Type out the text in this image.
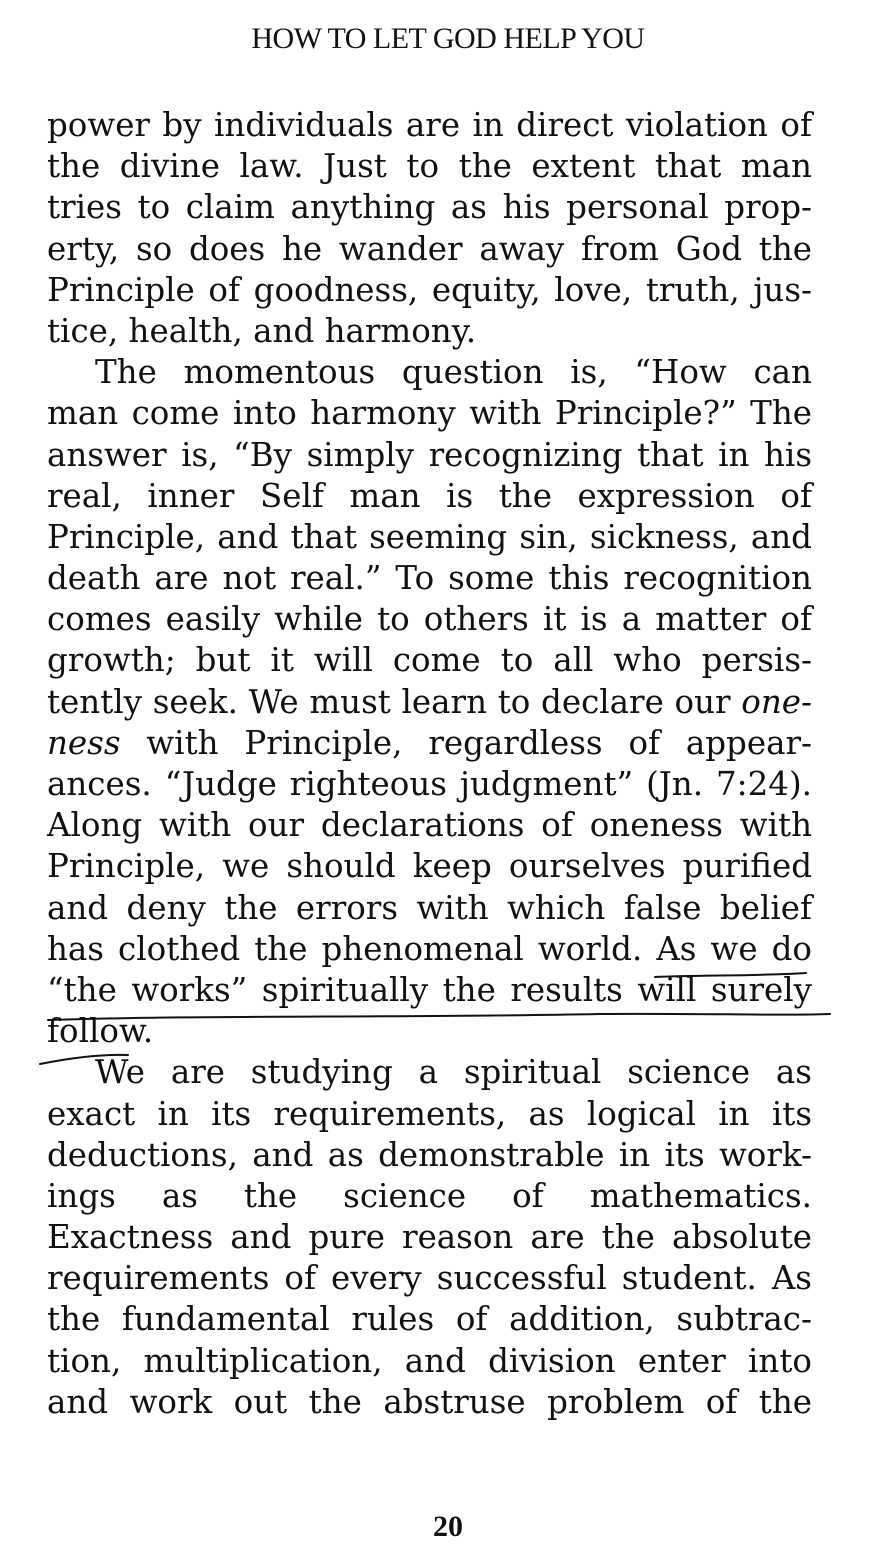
HOW TO LET GOD HELP YOU
power by individuals are in direct violation of
the divine law. Just to the extent that man
tries to claim anything as his personal prop-
erty, so does he wander away from God the
Principle of goodness, equity, love, truth, jus-
tice, health, and harmony.
The momentous question is, “How can
man come into harmony with Principle?” The
answer is, “By simply recognizing that in his
real, inner Self man is the expression of
Principle, and that seeming sin, sickness, and
death are not real.” To some this recognition
comes easily while to others it is a matter of
growth; but it will come to all who persis-
tently seek. We must learn to declare our one-
ness with Principle, regardless of appear-
ances. “Judge righteous judgment” (Jn. 7:24).
Along with our declarations of oneness with
Principle, we should keep ourselves purified
and deny the errors with which false belief
has clothed the phenomenal world. As we do
“the works” spiritually the results will surely
follow.
We are studying a spiritual science as
exact in its requirements, as logical in its
deductions, and as demonstrable in its work-
ings as the science of mathematics.
Exactness and pure reason are the absolute
requirements of every successful student. As
the fundamental rules of addition, subtrac-
tion, multiplication, and division enter into
and work out the abstruse problem of the
20
